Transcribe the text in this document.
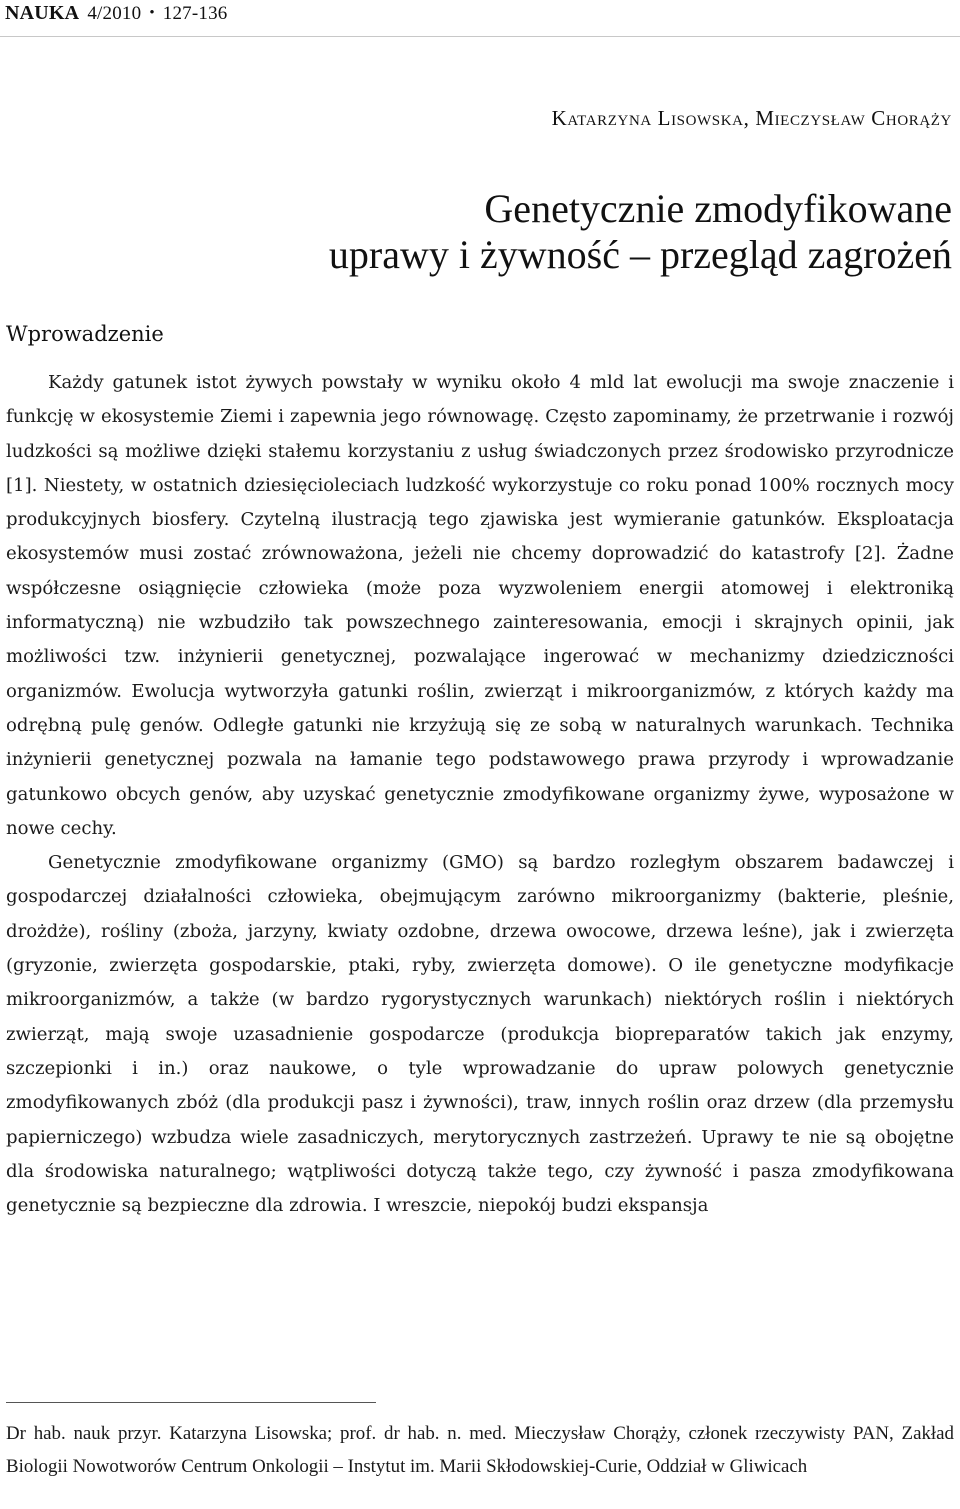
NAUKA 4/2010 • 127-136
Katarzyna Lisowska, Mieczysław Chorąży
Genetycznie zmodyfikowane
uprawy i żywność – przegląd zagrożeń
Wprowadzenie

Każdy gatunek istot żywych powstały w wyniku około 4 mld lat ewolucji ma swoje znaczenie i funkcję w ekosystemie Ziemi i zapewnia jego równowagę. Często zapominamy, że przetrwanie i rozwój ludzkości są możliwe dzięki stałemu korzystaniu z usług świadczonych przez środowisko przyrodnicze [1]. Niestety, w ostatnich dziesięcioleciach ludzkość wykorzystuje co roku ponad 100% rocznych mocy produkcyjnych biosfery. Czytelną ilustracją tego zjawiska jest wymieranie gatunków. Eksploatacja ekosystemów musi zostać zrównoważona, jeżeli nie chcemy doprowadzić do katastrofy [2]. Żadne współczesne osiągnięcie człowieka (może poza wyzwoleniem energii atomowej i elektroniką informatyczną) nie wzbudziło tak powszechnego zainteresowania, emocji i skrajnych opinii, jak możliwości tzw. inżynierii genetycznej, pozwalające ingerować w mechanizmy dziedziczności organizmów. Ewolucja wytworzyła gatunki roślin, zwierząt i mikroorganizmów, z których każdy ma odrębną pulę genów. Odległe gatunki nie krzyżują się ze sobą w naturalnych warunkach. Technika inżynierii genetycznej pozwala na łamanie tego podstawowego prawa przyrody i wprowadzanie gatunkowo obcych genów, aby uzyskać genetycznie zmodyfikowane organizmy żywe, wyposażone w nowe cechy.

Genetycznie zmodyfikowane organizmy (GMO) są bardzo rozległym obszarem badawczej i gospodarczej działalności człowieka, obejmującym zarówno mikroorganizmy (bakterie, pleśnie, drożdże), rośliny (zboża, jarzyny, kwiaty ozdobne, drzewa owocowe, drzewa leśne), jak i zwierzęta (gryzonie, zwierzęta gospodarskie, ptaki, ryby, zwierzęta domowe). O ile genetyczne modyfikacje mikroorganizmów, a także (w bardzo rygorystycznych warunkach) niektórych roślin i niektórych zwierząt, mają swoje uzasadnienie gospodarcze (produkcja biopreparatów takich jak enzymy, szczepionki i in.) oraz naukowe, o tyle wprowadzanie do upraw polowych genetycznie zmodyfikowanych zbóż (dla produkcji pasz i żywności), traw, innych roślin oraz drzew (dla przemysłu papierniczego) wzbudza wiele zasadniczych, merytorycznych zastrzeżeń. Uprawy te nie są obojętne dla środowiska naturalnego; wątpliwości dotyczą także tego, czy żywność i pasza zmodyfikowana genetycznie są bezpieczne dla zdrowia. I wreszcie, niepokój budzi ekspansja

Dr hab. nauk przyr. Katarzyna Lisowska; prof. dr hab. n. med. Mieczysław Chorąży, członek rzeczywisty PAN, Zakład Biologii Nowotworów Centrum Onkologii – Instytut im. Marii Skłodowskiej-Curie, Oddział w Gliwicach
